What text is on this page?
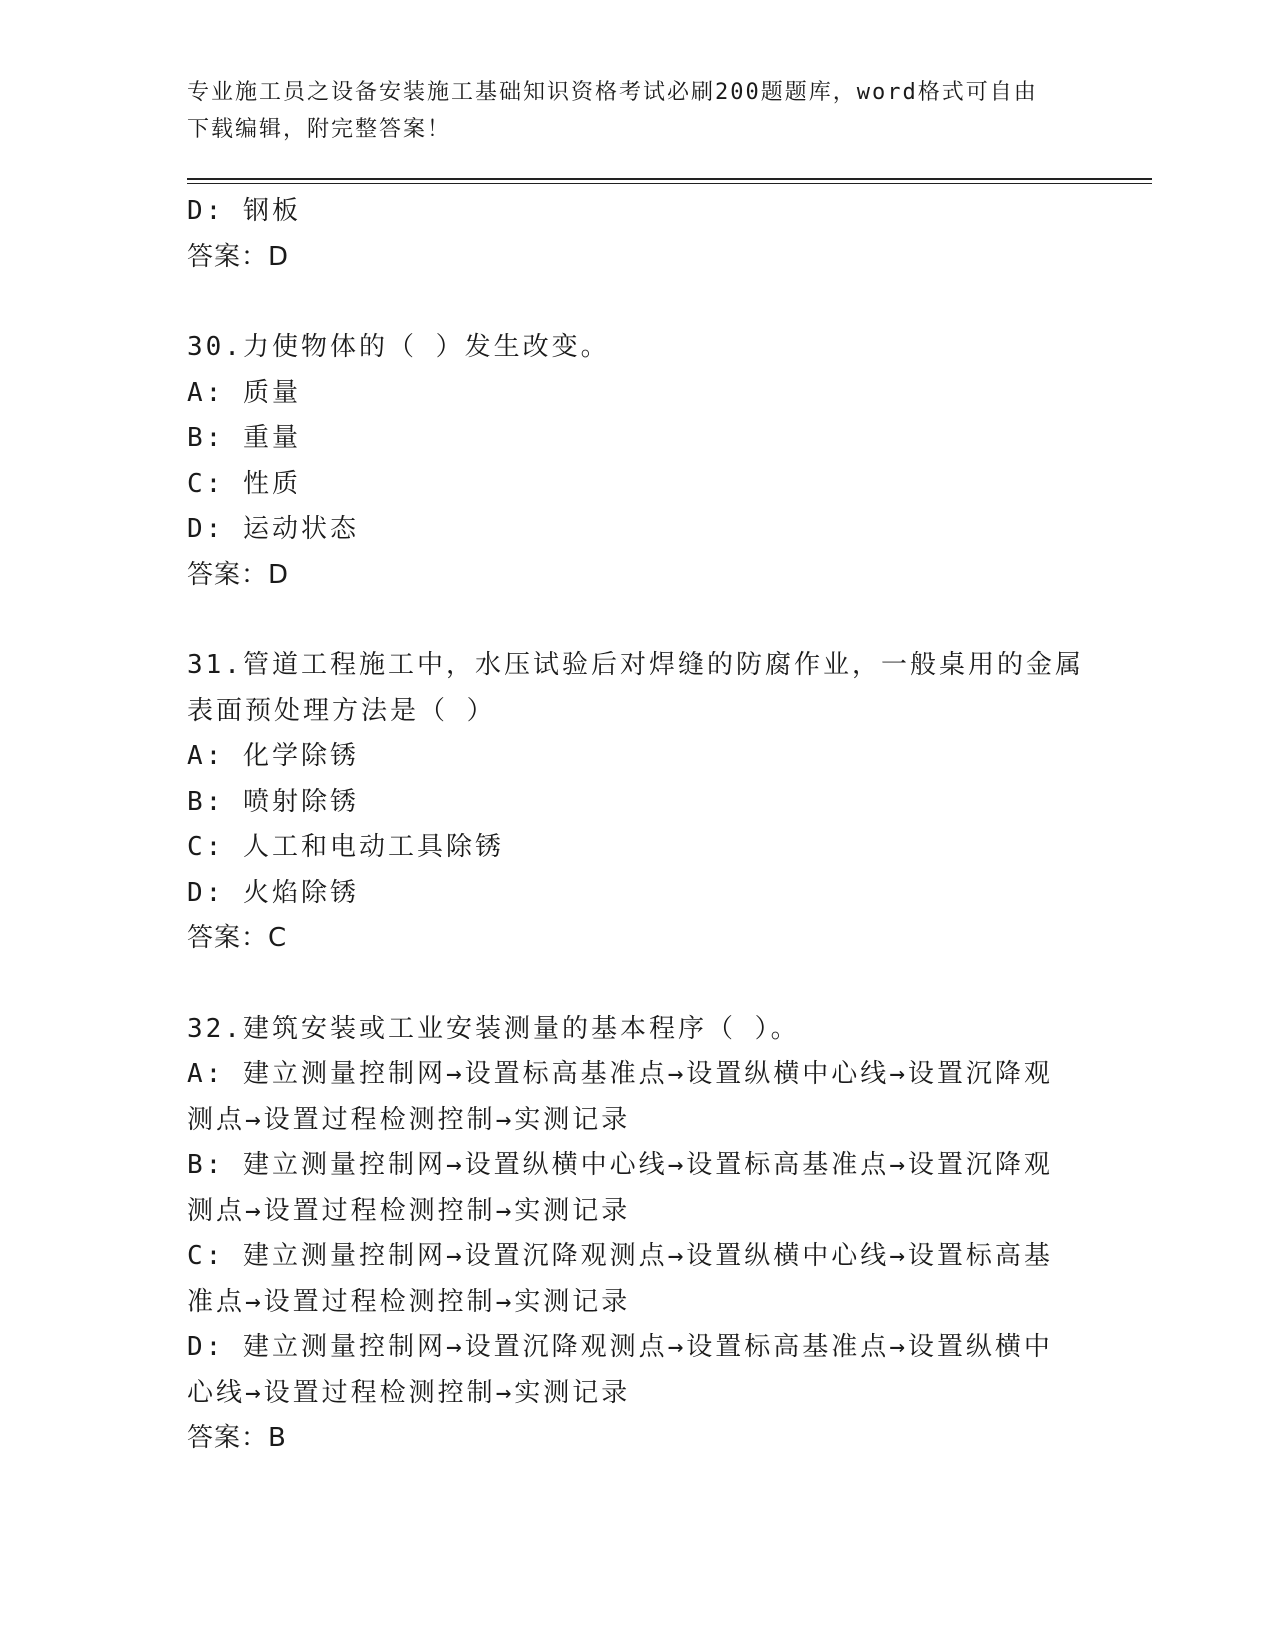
专业施工员之设备安装施工基础知识资格考试必刷200题题库，word格式可自由
下载编辑，附完整答案！
D: 钢板
答案：D
30.力使物体的（ ）发生改变。
A: 质量
B: 重量
C: 性质
D: 运动状态
答案：D
31.管道工程施工中，水压试验后对焊缝的防腐作业，一般桌用的金属
表面预处理方法是（ ）
A: 化学除锈
B: 喷射除锈
C: 人工和电动工具除锈
D: 火焰除锈
答案：C
32.建筑安装或工业安装测量的基本程序（ ）。
A: 建立测量控制网→设置标高基准点→设置纵横中心线→设置沉降观
测点→设置过程检测控制→实测记录
B: 建立测量控制网→设置纵横中心线→设置标高基准点→设置沉降观
测点→设置过程检测控制→实测记录
C: 建立测量控制网→设置沉降观测点→设置纵横中心线→设置标高基
准点→设置过程检测控制→实测记录
D: 建立测量控制网→设置沉降观测点→设置标高基准点→设置纵横中
心线→设置过程检测控制→实测记录
答案：B
